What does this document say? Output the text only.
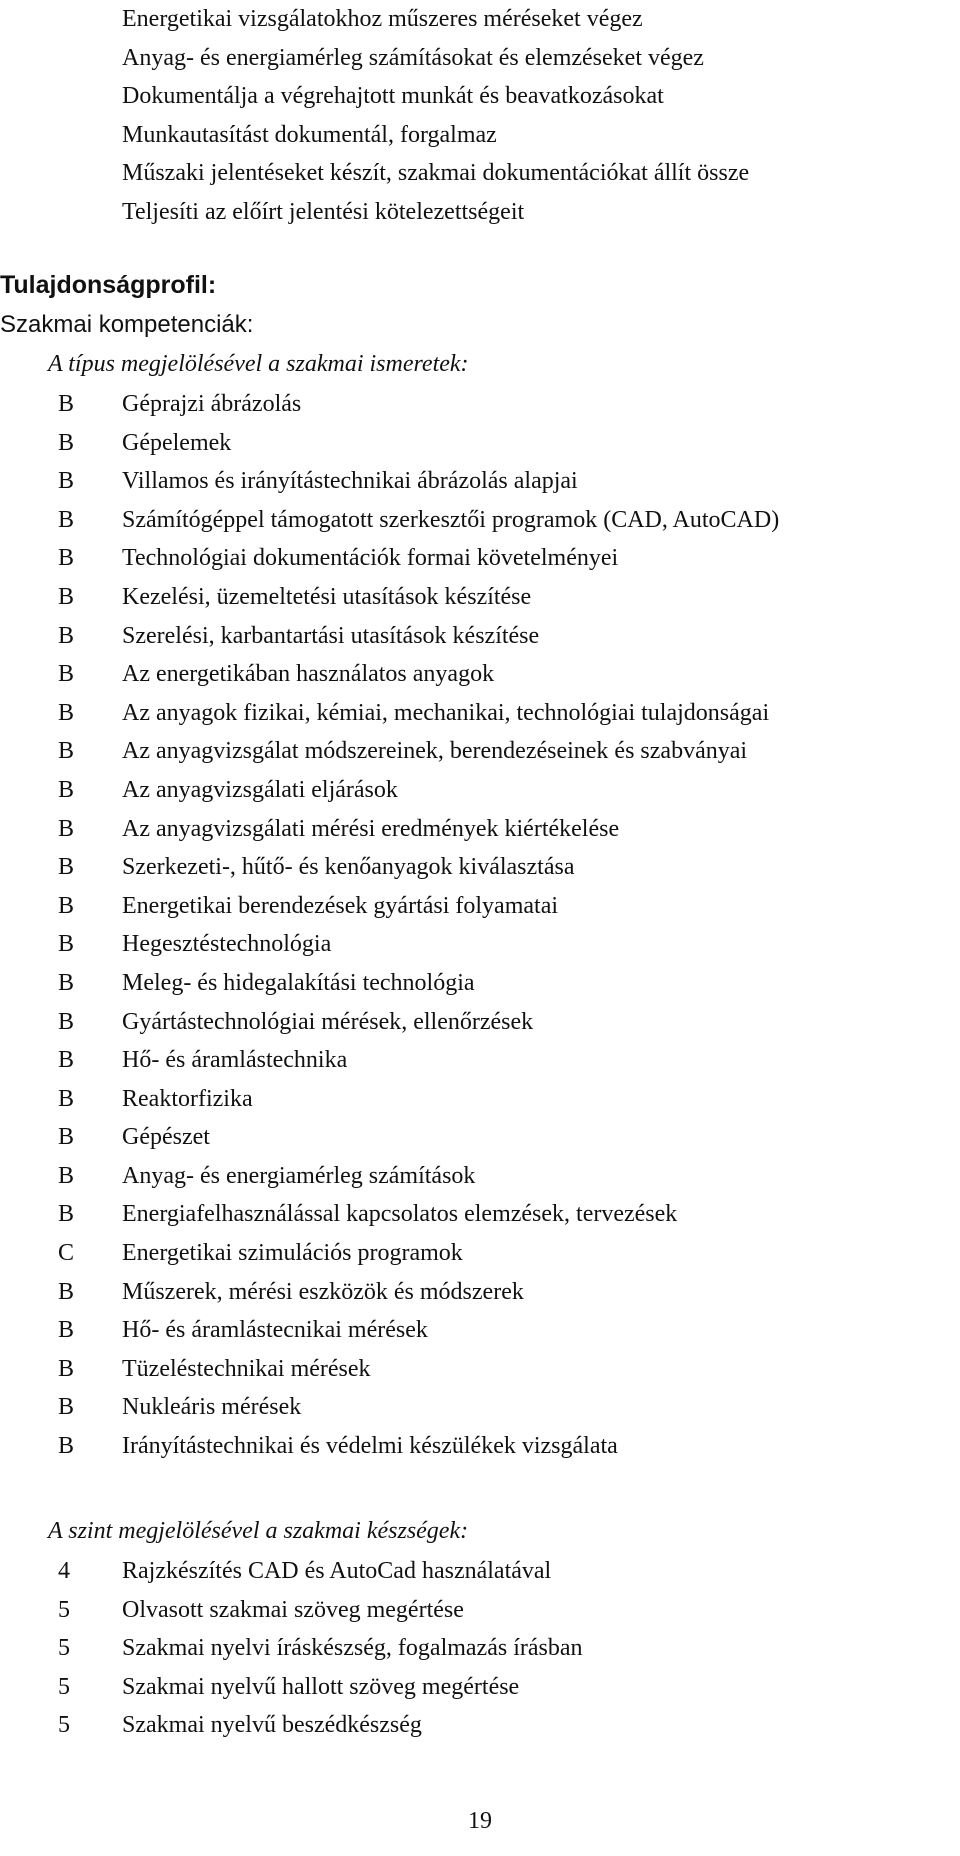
Energetikai vizsgálatokhoz műszeres méréseket végez
Anyag- és energiamérleg számításokat és elemzéseket végez
Dokumentálja a végrehajtott munkát és beavatkozásokat
Munkautasítást dokumentál, forgalmaz
Műszaki jelentéseket készít, szakmai dokumentációkat állít össze
Teljesíti az előírt jelentési kötelezettségeit
Tulajdonságprofil:
Szakmai kompetenciák:
A típus megjelölésével a szakmai ismeretek:
B	Géprajzi ábrázolás
B	Gépelemek
B	Villamos és irányítástechnikai ábrázolás alapjai
B	Számítógéppel támogatott szerkesztői programok (CAD, AutoCAD)
B	Technológiai dokumentációk formai követelményei
B	Kezelési, üzemeltetési utasítások készítése
B	Szerelési, karbantartási utasítások készítése
B	Az energetikában használatos anyagok
B	Az anyagok fizikai, kémiai, mechanikai, technológiai tulajdonságai
B	Az anyagvizsgálat módszereinek, berendezéseinek és szabványai
B	Az anyagvizsgálati eljárások
B	Az anyagvizsgálati mérési eredmények kiértékelése
B	Szerkezeti-, hűtő- és kenőanyagok kiválasztása
B	Energetikai berendezések gyártási folyamatai
B	Hegesztéstechnológia
B	Meleg- és hidegalakítási technológia
B	Gyártástechnológiai mérések, ellenőrzések
B	Hő- és áramlástechnika
B	Reaktorfizika
B	Gépészet
B	Anyag- és energiamérleg számítások
B	Energiafelhasználással kapcsolatos elemzések, tervezések
C	Energetikai szimulációs programok
B	Műszerek, mérési eszközök és módszerek
B	Hő- és áramlástecnikai mérések
B	Tüzeléstechnikai mérések
B	Nukleáris mérések
B	Irányítástechnikai és védelmi készülékek vizsgálata
A szint megjelölésével a szakmai készségek:
4	Rajzkészítés CAD és AutoCad használatával
5	Olvasott szakmai szöveg megértése
5	Szakmai nyelvi íráskészség, fogalmazás írásban
5	Szakmai nyelvű hallott szöveg megértése
5	Szakmai nyelvű beszédkészség
19
